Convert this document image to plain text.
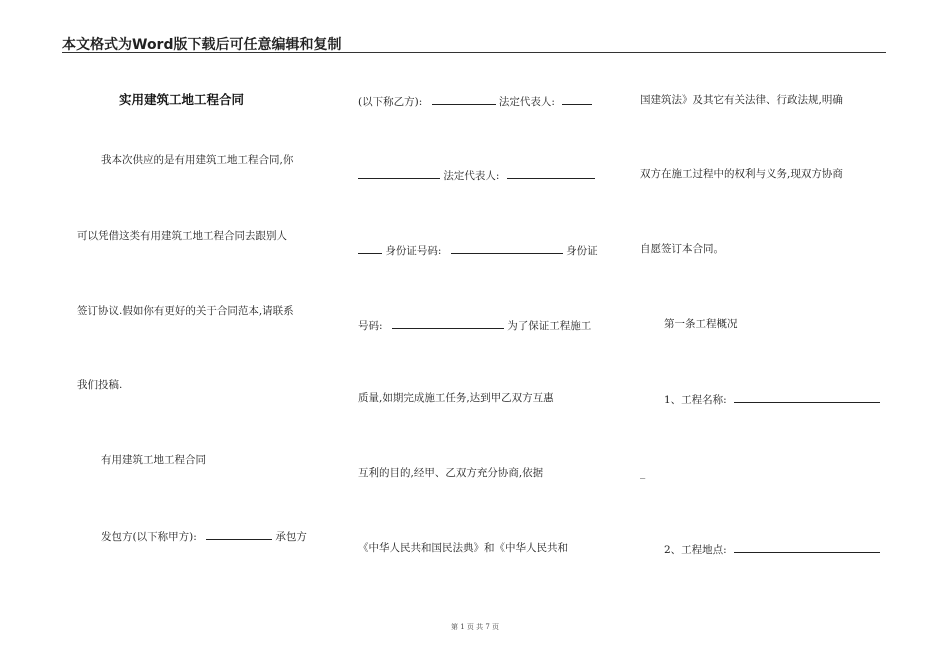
本文格式为Word版下载后可任意编辑和复制
实用建筑工地工程合同
我本次供应的是有用建筑工地工程合同,你
可以凭借这类有用建筑工地工程合同去跟别人
签订协议.假如你有更好的关于合同范本,请联系
我们投稿.
有用建筑工地工程合同
发包方(以下称甲方):	承包方
(以下称乙方):	法定代表人:
法定代表人:
身份证号码:	身份证
号码:	为了保证工程施工
质量,如期完成施工任务,达到甲乙双方互惠
互利的目的,经甲、乙双方充分协商,依据
《中华人民共和国民法典》和《中华人民共和
国建筑法》及其它有关法律、行政法规,明确
双方在施工过程中的权利与义务,现双方协商
自愿签订本合同。
第一条工程概况
1、工程名称:
_
2、工程地点:
第 1 页 共 7 页
